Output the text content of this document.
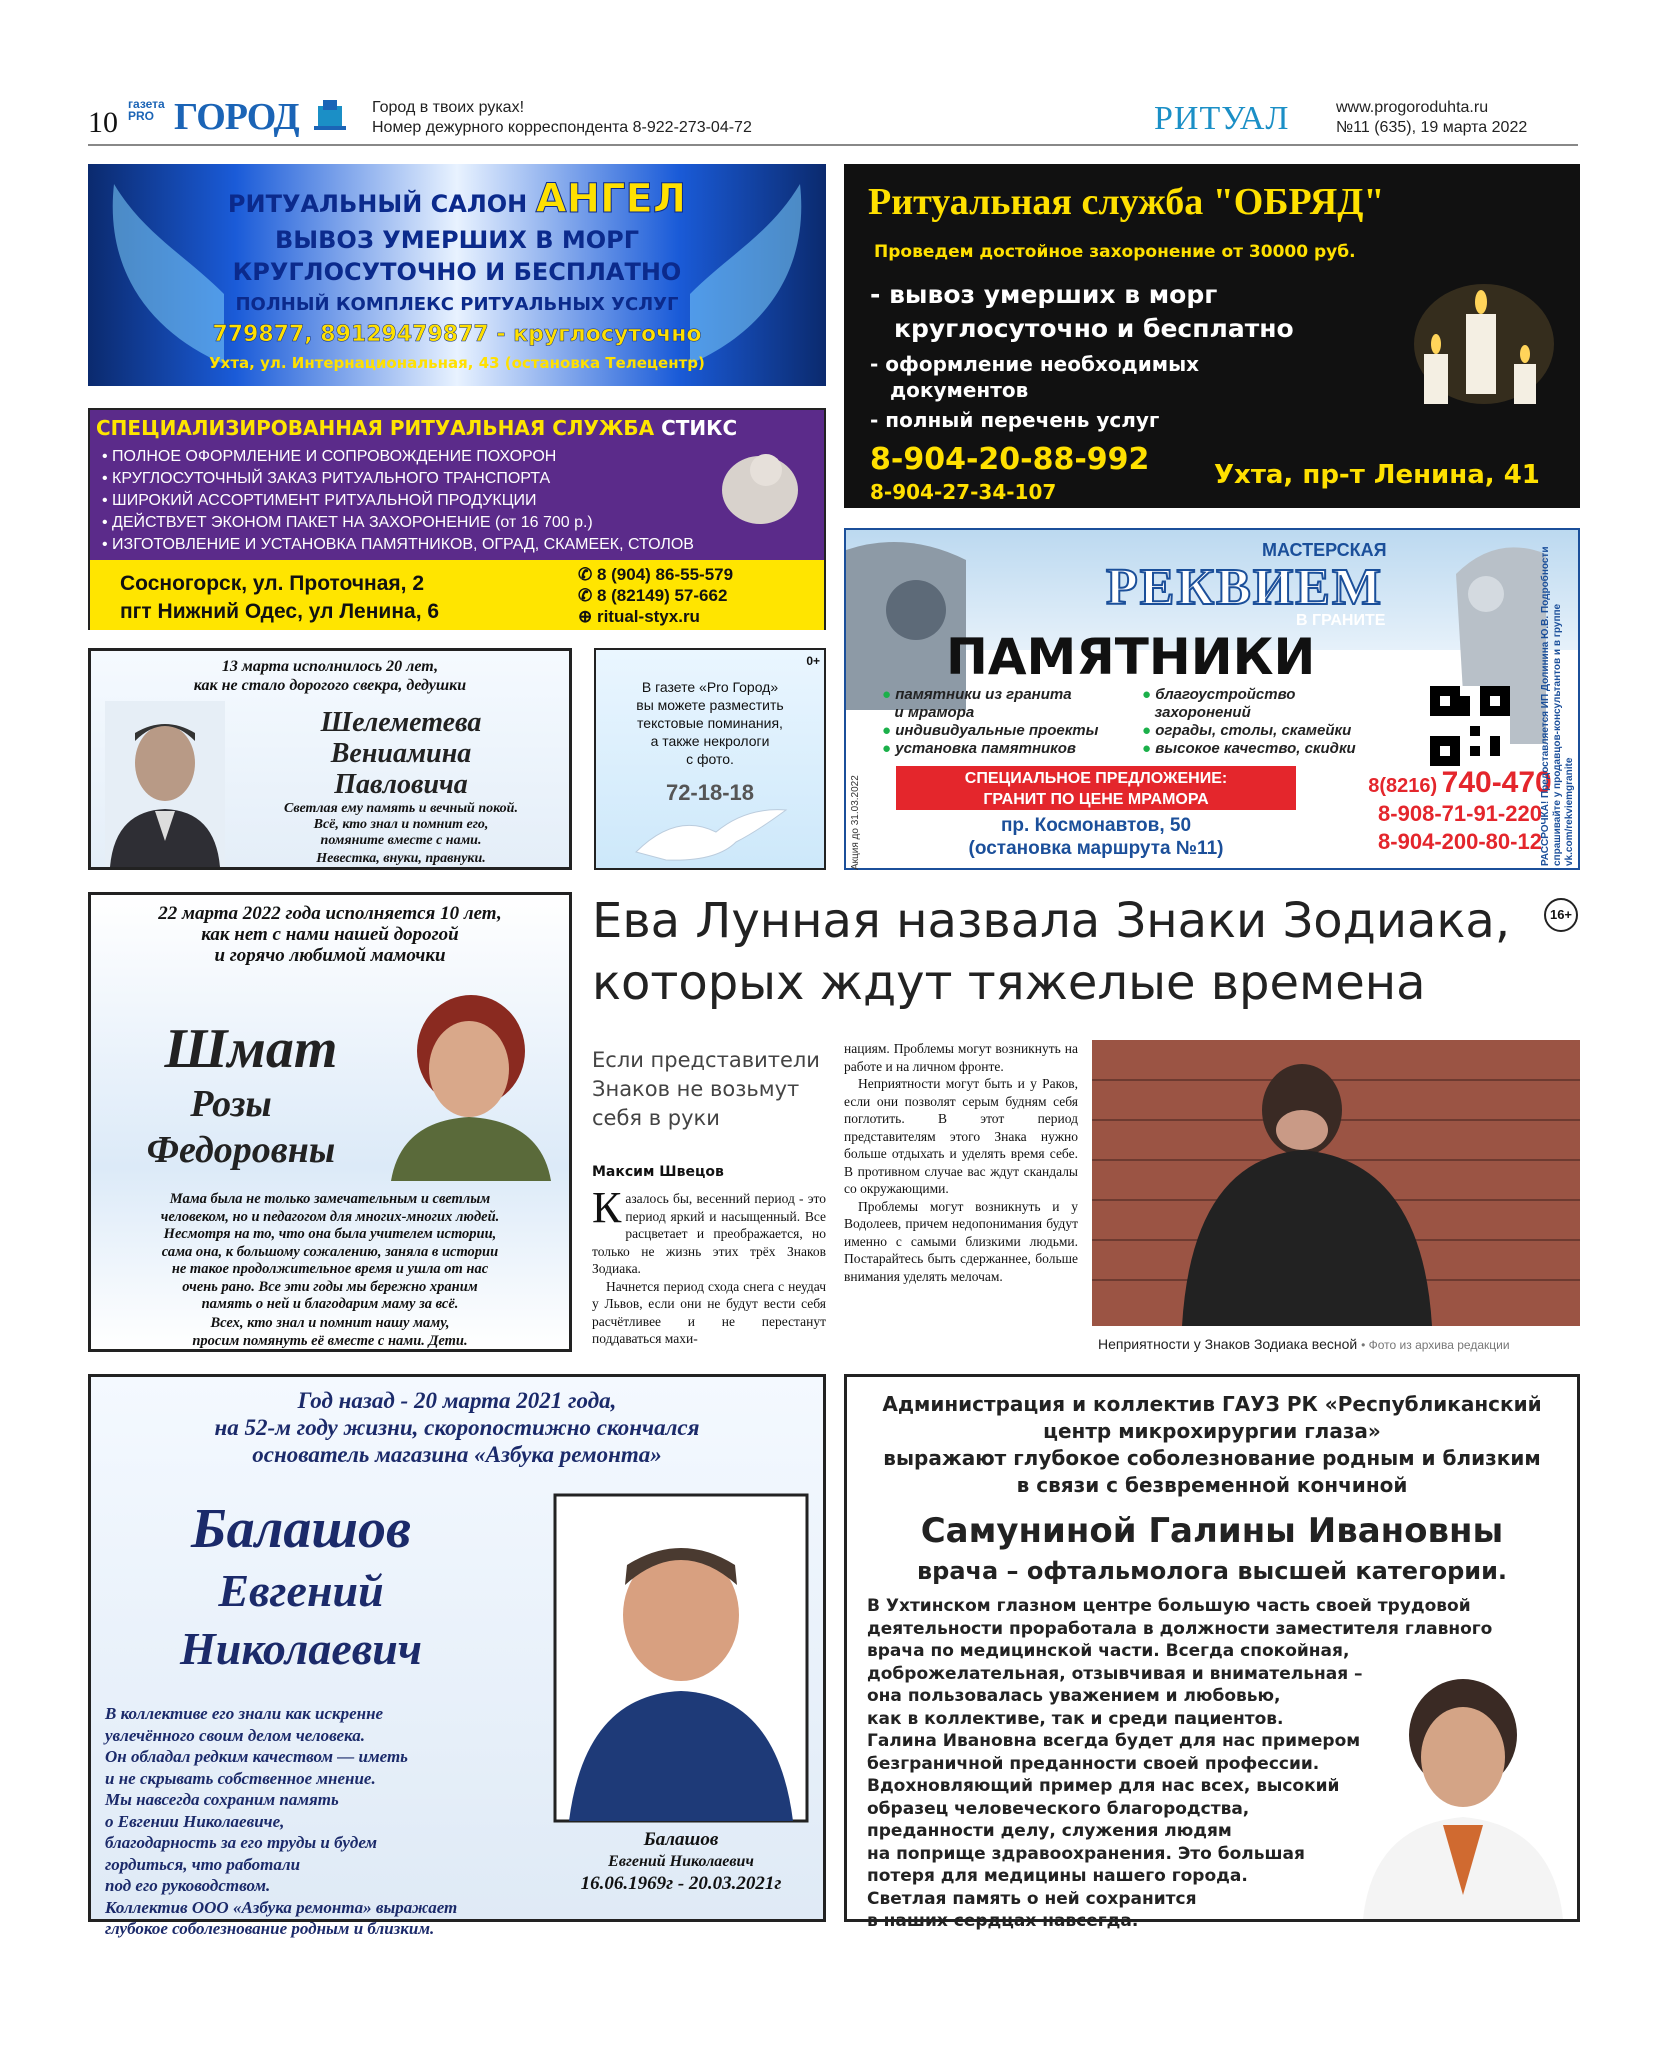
10
газета
PRO ГОРОД	Город в твоих руках!
Номер дежурного корреспондента 8-922-273-04-72	РИТУАЛ	www.progoroduhta.ru
№11 (635), 19 марта 2022
РИТУАЛЬНЫЙ САЛОН АНГЕЛ
ВЫВОЗ УМЕРШИХ В МОРГ
КРУГЛОСУТОЧНО И БЕСПЛАТНО
ПОЛНЫЙ КОМПЛЕКС РИТУАЛЬНЫХ УСЛУГ
779877, 89129479877 - круглосуточно
Ухта, ул. Интернациональная, 43 (остановка Телецентр)
Ритуальная служба "ОБРЯД"
Проведем достойное захоронение от 30000 руб.
- вывоз умерших в морг
круглосуточно и бесплатно
- оформление необходимых
документов
- полный перечень услуг
8-904-20-88-992
8-904-27-34-107
Ухта, пр-т Ленина, 41
СПЕЦИАЛИЗИРОВАННАЯ РИТУАЛЬНАЯ СЛУЖБА СТИКС
• ПОЛНОЕ ОФОРМЛЕНИЕ И СОПРОВОЖДЕНИЕ ПОХОРОН
• КРУГЛОСУТОЧНЫЙ ЗАКАЗ РИТУАЛЬНОГО ТРАНСПОРТА
• ШИРОКИЙ АССОРТИМЕНТ РИТУАЛЬНОЙ ПРОДУКЦИИ
• ДЕЙСТВУЕТ ЭКОНОМ ПАКЕТ НА ЗАХОРОНЕНИЕ (от 16 700 р.)
• ИЗГОТОВЛЕНИЕ И УСТАНОВКА ПАМЯТНИКОВ, ОГРАД, СКАМЕЕК, СТОЛОВ
Сосногорск, ул. Проточная, 2
пгт Нижний Одес, ул Ленина, 6
✆ 8 (904) 86-55-579
✆ 8 (82149) 57-662
⊕ ritual-styx.ru
13 марта исполнилось 20 лет,
как не стало дорогого свекра, дедушки
Шелеметева
Вениамина
Павловича
Светлая ему память и вечный покой.
Всё, кто знал и помнит его,
помяните вместе с нами.
Невестка, внуки, правнуки.
0+
В газете «Pro Город»
вы можете разместить
текстовые поминания,
а также некрологи
с фото.
72-18-18
МАСТЕРСКАЯ
РЕКВИЕМ
В ГРАНИТЕ
ПАМЯТНИКИ
● памятники из гранита
и мрамора
● индивидуальные проекты
● установка памятников
● благоустройство
захоронений
● ограды, столы, скамейки
● высокое качество, скидки
СПЕЦИАЛЬНОЕ ПРЕДЛОЖЕНИЕ:
ГРАНИТ ПО ЦЕНЕ МРАМОРА
пр. Космонавтов, 50
(остановка маршрута №11)
8(8216) 740-470
8-908-71-91-220
8-904-200-80-12
Акция до 31.03.2022	РАССРОЧКА! Предоставляется ИП Долинина Ю.В. Подробности спрашивайте у продавцов-консультантов и в группе vk.com/rekviemgranite
22 марта 2022 года исполняется 10 лет,
как нет с нами нашей дорогой
и горячо любимой мамочки
Шмат
Розы
Федоровны
Мама была не только замечательным и светлым
человеком, но и педагогом для многих-многих людей.
Несмотря на то, что она была учителем истории,
сама она, к большому сожалению, заняла в истории
не такое продолжительное время и ушла от нас
очень рано. Все эти годы мы бережно храним
память о ней и благодарим маму за всё.
Всех, кто знал и помнит нашу маму,
просим помянуть её вместе с нами. Дети.
Ева Лунная назвала Знаки Зодиака,
которых ждут тяжелые времена
16+
Если представители Знаков не возьмут себя в руки
Максим Швецов

Казалось бы, весенний период - это период яркий и насыщенный. Все расцветает и преображается, но только не жизнь этих трёх Знаков Зодиака.

Начнется период схода снега с неудач у Львов, если они не будут вести себя расчётливее и не перестанут поддаваться махи-

нациям. Проблемы могут возникнуть на работе и на личном фронте.

Неприятности могут быть и у Раков, если они позволят серым будням себя поглотить. В этот период представителям этого Знака нужно больше отдыхать и уделять время себе. В противном случае вас ждут скандалы со окружающими.

Проблемы могут возникнуть и у Водолеев, причем недопонимания будут именно с самыми близкими людьми. Постарайтесь быть сдержаннее, больше внимания уделять мелочам.

Неприятности у Знаков Зодиака весной • Фото из архива редакции
Год назад - 20 марта 2021 года,
на 52-м году жизни, скоропостижно скончался
основатель магазина «Азбука ремонта»
Балашов
Евгений
Николаевич
В коллективе его знали как искренне
увлечённого своим делом человека.
Он обладал редким качеством — иметь
и не скрывать собственное мнение.
Мы навсегда сохраним память
о Евгении Николаевиче,
благодарность за его труды и будем
гордиться, что работали
под его руководством.
Коллектив ООО «Азбука ремонта» выражает
глубокое соболезнование родным и близким.
Балашов
Евгений Николаевич
16.06.1969г - 20.03.2021г
Администрация и коллектив ГАУЗ РК «Республиканский
центр микрохирургии глаза»
выражают глубокое соболезнование родным и близким
в связи с безвременной кончиной
Самуниной Галины Ивановны
врача – офтальмолога высшей категории.
В Ухтинском глазном центре большую часть своей трудовой
деятельности проработала в должности заместителя главного
врача по медицинской части. Всегда спокойная,
доброжелательная, отзывчивая и внимательная –
она пользовалась уважением и любовью,
как в коллективе, так и среди пациентов.
Галина Ивановна всегда будет для нас примером
безграничной преданности своей профессии.
Вдохновляющий пример для нас всех, высокий
образец человеческого благородства,
преданности делу, служения людям
на поприще здравоохранения. Это большая
потеря для медицины нашего города.
Светлая память о ней сохранится
в наших сердцах навсегда.
